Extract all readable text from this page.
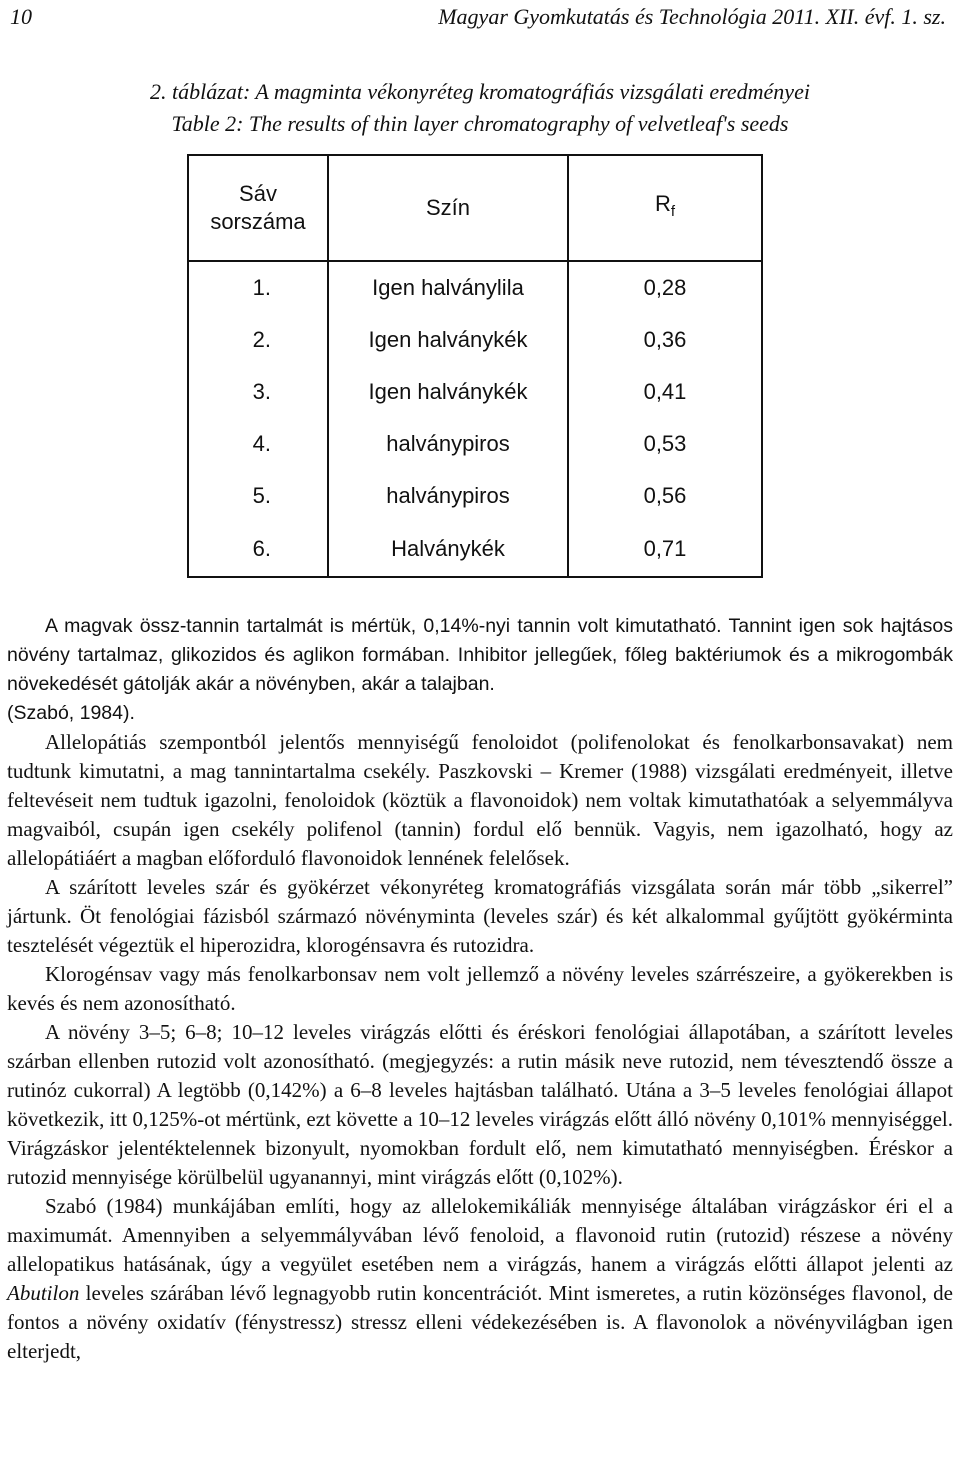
10	Magyar Gyomkutatás és Technológia 2011. XII. évf. 1. sz.
2. táblázat: A magminta vékonyréteg kromatográfiás vizsgálati eredményei
Table 2: The results of thin layer chromatography of velvetleaf's seeds
Sáv
sorszáma	Szín	$R_f$
1.	Igen halványlila	0,28
2.	Igen halványkék	0,36
3.	Igen halványkék	0,41
4.	halványpiros	0,53
5.	halványpiros	0,56
6.	Halványkék	0,71

A magvak össz-tannin tartalmát is mértük, 0,14%-nyi tannin volt kimutatható. Tannint igen sok hajtásos növény tartalmaz, glikozidos és aglikon formában. Inhibitor jellegűek, főleg baktériumok és a mikrogombák növekedését gátolják akár a növényben, akár a talajban.

(Szabó, 1984).

Allelopátiás szempontból jelentős mennyiségű fenoloidot (polifenolokat és fenolkarbonsavakat) nem tudtunk kimutatni, a mag tannintartalma csekély. Paszkovski – Kremer (1988) vizsgálati eredményeit, illetve feltevéseit nem tudtuk igazolni, fenoloidok (köztük a flavonoidok) nem voltak kimutathatóak a selyemmályva magvaiból, csupán igen csekély polifenol (tannin) fordul elő bennük. Vagyis, nem igazolható, hogy az allelopátiáért a magban előforduló flavonoidok lennének felelősek.

A szárított leveles szár és gyökérzet vékonyréteg kromatográfiás vizsgálata során már több „sikerrel” jártunk. Öt fenológiai fázisból származó növényminta (leveles szár) és két alkalommal gyűjtött gyökérminta tesztelését végeztük el hiperozidra, klorogénsavra és rutozidra.

Klorogénsav vagy más fenolkarbonsav nem volt jellemző a növény leveles szárrészeire, a gyökerekben is kevés és nem azonosítható.

A növény 3–5; 6–8; 10–12 leveles virágzás előtti és éréskori fenológiai állapotában, a szárított leveles szárban ellenben rutozid volt azonosítható. (megjegyzés: a rutin másik neve rutozid, nem tévesztendő össze a rutinóz cukorral) A legtöbb (0,142%) a 6–8 leveles hajtásban található. Utána a 3–5 leveles fenológiai állapot következik, itt 0,125%-ot mértünk, ezt követte a 10–12 leveles virágzás előtt álló növény 0,101% mennyiséggel. Virágzáskor jelentéktelennek bizonyult, nyomokban fordult elő, nem kimutatható mennyiségben. Éréskor a rutozid mennyisége körülbelül ugyanannyi, mint virágzás előtt (0,102%).

Szabó (1984) munkájában említi, hogy az allelokemikáliák mennyisége általában virágzáskor éri el a maximumát. Amennyiben a selyemmályvában lévő fenoloid, a flavonoid rutin (rutozid) részese a növény allelopatikus hatásának, úgy a vegyület esetében nem a virágzás, hanem a virágzás előtti állapot jelenti az Abutilon leveles szárában lévő legnagyobb rutin koncentrációt. Mint ismeretes, a rutin közönséges flavonol, de fontos a növény oxidatív (fénystressz) stressz elleni védekezésében is. A flavonolok a növényvilágban igen elterjedt,
